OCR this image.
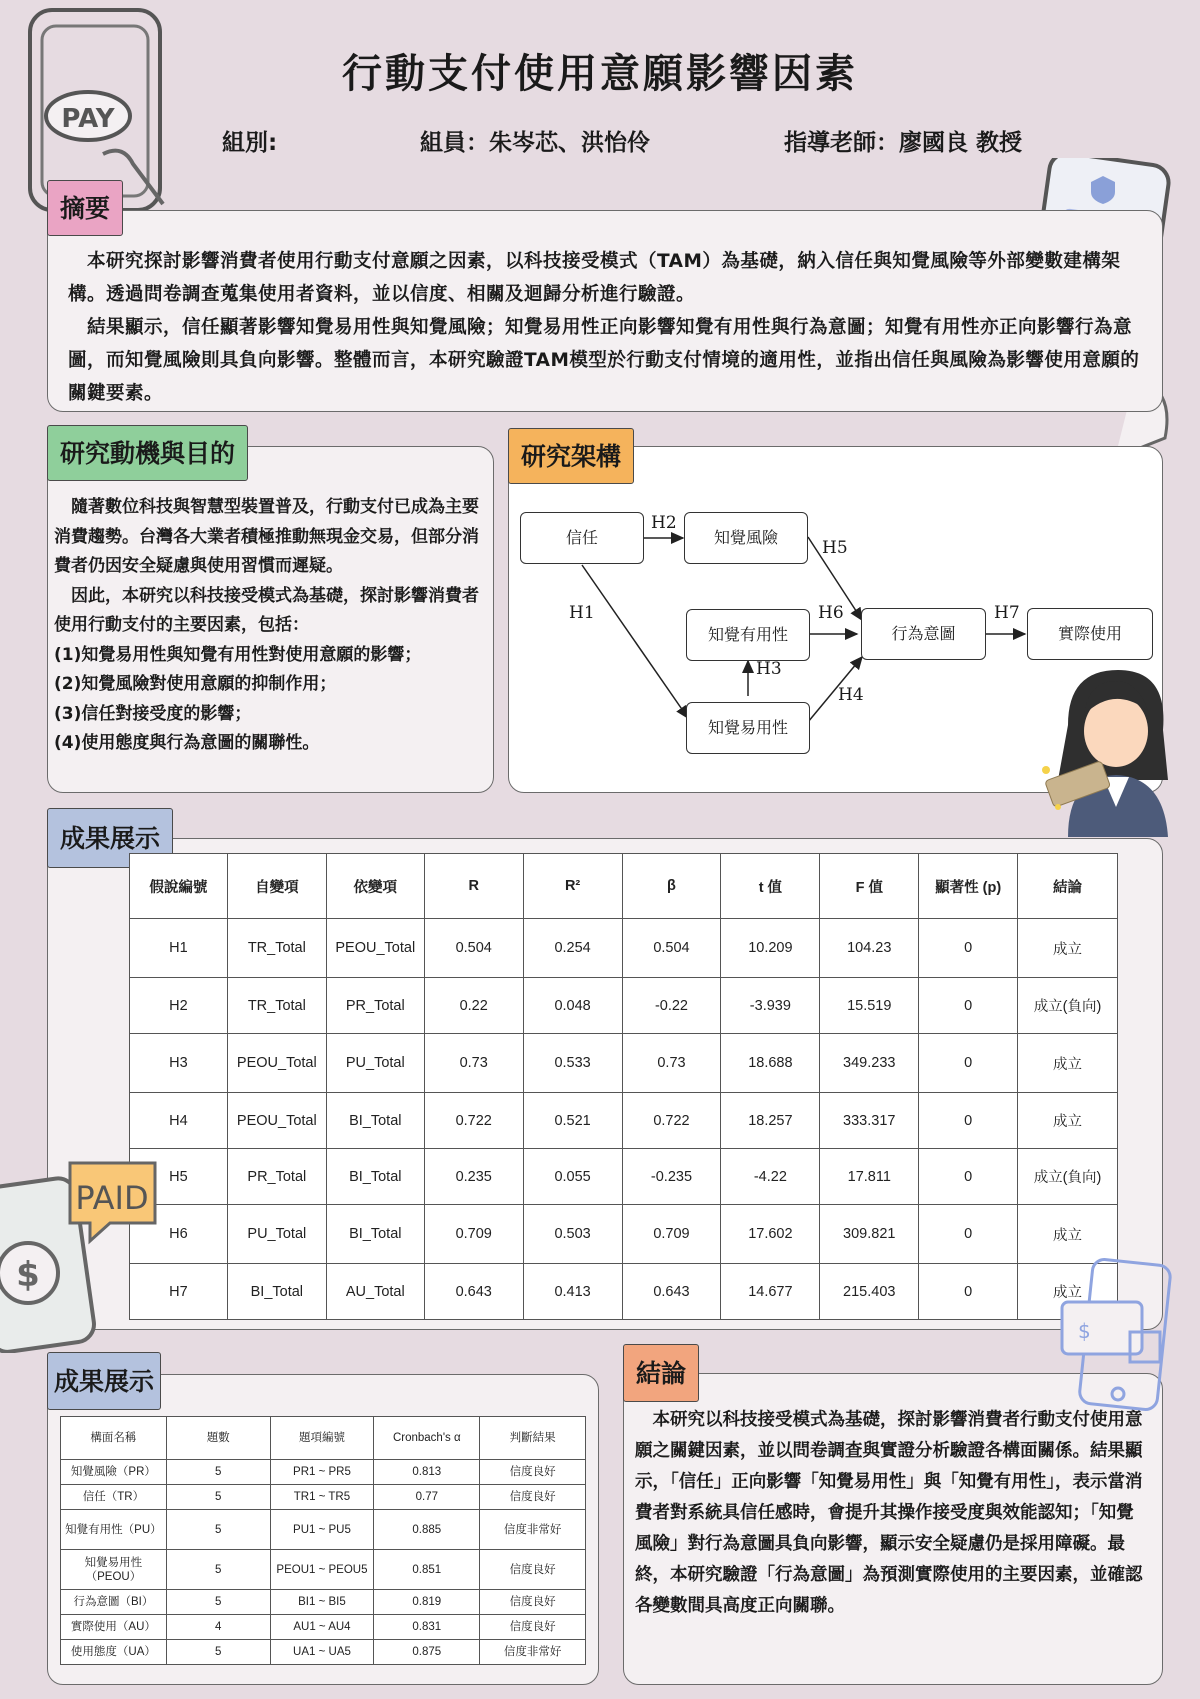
PAY
行動支付使用意願影響因素
組別:	組員：朱岑芯、洪怡伶	指導老師：廖國良 教授
摘要

　本研究探討影響消費者使用行動支付意願之因素，以科技接受模式（TAM）為基礎，納入信任與知覺風險等外部變數建構架構。透過問卷調查蒐集使用者資料，並以信度、相關及迴歸分析進行驗證。

　結果顯示，信任顯著影響知覺易用性與知覺風險；知覺易用性正向影響知覺有用性與行為意圖；知覺有用性亦正向影響行為意圖，而知覺風險則具負向影響。整體而言，本研究驗證TAM模型於行動支付情境的適用性，並指出信任與風險為影響使用意願的關鍵要素。

研究動機與目的

　隨著數位科技與智慧型裝置普及，行動支付已成為主要消費趨勢。台灣各大業者積極推動無現金交易，但部分消費者仍因安全疑慮與使用習慣而遲疑。

　因此，本研究以科技接受模式為基礎，探討影響消費者使用行動支付的主要因素，包括：

(1)知覺易用性與知覺有用性對使用意願的影響；

(2)知覺風險對使用意願的抑制作用；

(3)信任對接受度的影響；

(4)使用態度與行為意圖的關聯性。

研究架構
信任	知覺風險
知覺有用性	行為意圖	實際使用
知覺易用性
H2
H1
H3
H5
H6
H4
H7
成果展示
假說編號	自變項	依變項	R	R²	β	t 值	F 值	顯著性 (p)	結論
H1	TR_Total	PEOU_Total	0.504	0.254	0.504	10.209	104.23	0	成立
H2	TR_Total	PR_Total	0.22	0.048	-0.22	-3.939	15.519	0	成立(負向)
H3	PEOU_Total	PU_Total	0.73	0.533	0.73	18.688	349.233	0	成立
H4	PEOU_Total	BI_Total	0.722	0.521	0.722	18.257	333.317	0	成立
H5	PR_Total	BI_Total	0.235	0.055	-0.235	-4.22	17.811	0	成立(負向)
H6	PU_Total	BI_Total	0.709	0.503	0.709	17.602	309.821	0	成立
H7	BI_Total	AU_Total	0.643	0.413	0.643	14.677	215.403	0	成立
$
PAID
成果展示
構面名稱	題數	題項編號	Cronbach's α	判斷結果
知覺風險（PR）	5	PR1 ~ PR5	0.813	信度良好
信任（TR）	5	TR1 ~ TR5	0.77	信度良好
知覺有用性（PU）	5	PU1 ~ PU5	0.885	信度非常好
知覺易用性（PEOU）	5	PEOU1 ~ PEOU5	0.851	信度良好
行為意圖（BI）	5	BI1 ~ BI5	0.819	信度良好
實際使用（AU）	4	AU1 ~ AU4	0.831	信度良好
使用態度（UA）	5	UA1 ~ UA5	0.875	信度非常好
結論
　本研究以科技接受模式為基礎，探討影響消費者行動支付使用意願之關鍵因素，並以問卷調查與實證分析驗證各構面關係。結果顯示，「信任」正向影響「知覺易用性」與「知覺有用性」，表示當消費者對系統具信任感時，會提升其操作接受度與效能認知；「知覺風險」對行為意圖具負向影響，顯示安全疑慮仍是採用障礙。最終，本研究驗證「行為意圖」為預測實際使用的主要因素，並確認各變數間具高度正向關聯。
$
